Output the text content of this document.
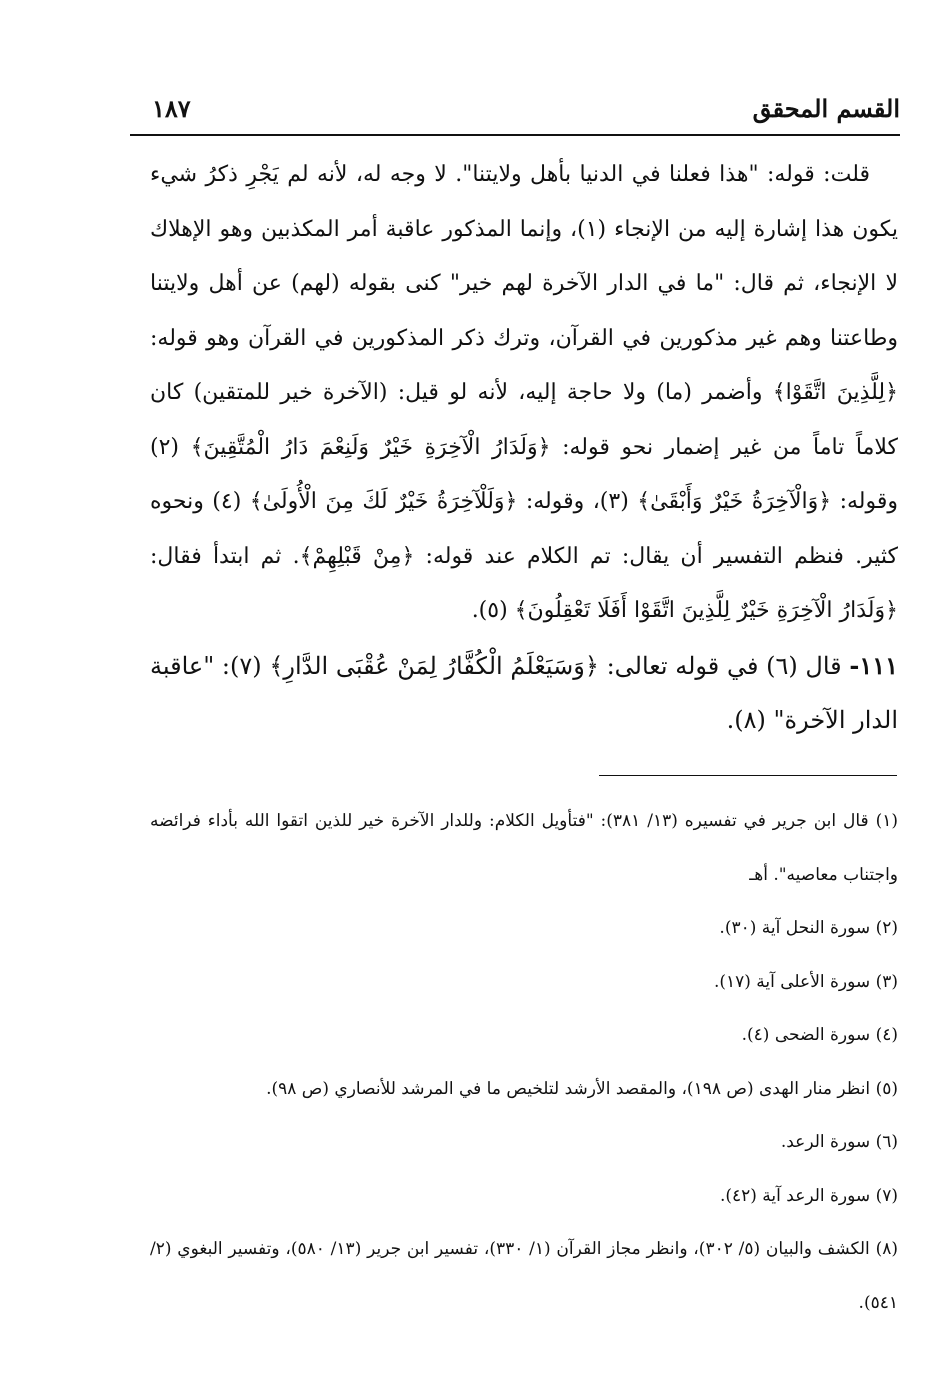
القسم المحقق
١٨٧

قلت: قوله: "هذا فعلنا في الدنيا بأهل ولايتنا". لا وجه له، لأنه لم يَجْرِ ذكرُ شيء يكون هذا إشارة إليه من الإنجاء (١)، وإنما المذكور عاقبة أمر المكذبين وهو الإهلاك لا الإنجاء، ثم قال: "ما في الدار الآخرة لهم خير" كنى بقوله (لهم) عن أهل ولايتنا وطاعتنا وهم غير مذكورين في القرآن، وترك ذكر المذكورين في القرآن وهو قوله: ﴿لِلَّذِينَ اتَّقَوْا﴾ وأضمر (ما) ولا حاجة إليه، لأنه لو قيل: (الآخرة خير للمتقين) كان كلاماً تاماً من غير إضمار نحو قوله: ﴿وَلَدَارُ الْآخِرَةِ خَيْرٌ وَلَنِعْمَ دَارُ الْمُتَّقِينَ﴾ (٢) وقوله: ﴿وَالْآخِرَةُ خَيْرٌ وَأَبْقَىٰ﴾ (٣)، وقوله: ﴿وَلَلْآخِرَةُ خَيْرٌ لَكَ مِنَ الْأُولَىٰ﴾ (٤) ونحوه كثير. فنظم التفسير أن يقال: تم الكلام عند قوله: ﴿مِنْ قَبْلِهِمْ﴾. ثم ابتدأ فقال: ﴿وَلَدَارُ الْآخِرَةِ خَيْرٌ لِلَّذِينَ اتَّقَوْا أَفَلَا تَعْقِلُونَ﴾ (٥).

١١١- قال (٦) في قوله تعالى: ﴿وَسَيَعْلَمُ الْكُفَّارُ لِمَنْ عُقْبَى الدَّارِ﴾ (٧): "عاقبة الدار الآخرة" (٨).

(١) قال ابن جرير في تفسيره (١٣/ ٣٨١): "فتأويل الكلام: وللدار الآخرة خير للذين اتقوا الله بأداء فرائضه واجتناب معاصيه". أهـ

(٢) سورة النحل آية (٣٠).

(٣) سورة الأعلى آية (١٧).

(٤) سورة الضحى (٤).

(٥) انظر منار الهدى (ص ١٩٨)، والمقصد الأرشد لتلخيص ما في المرشد للأنصاري (ص ٩٨).

(٦) سورة الرعد.

(٧) سورة الرعد آية (٤٢).

(٨) الكشف والبيان (٥/ ٣٠٢)، وانظر مجاز القرآن (١/ ٣٣٠)، تفسير ابن جرير (١٣/ ٥٨٠)، وتفسير البغوي (٢/ ٥٤١).
